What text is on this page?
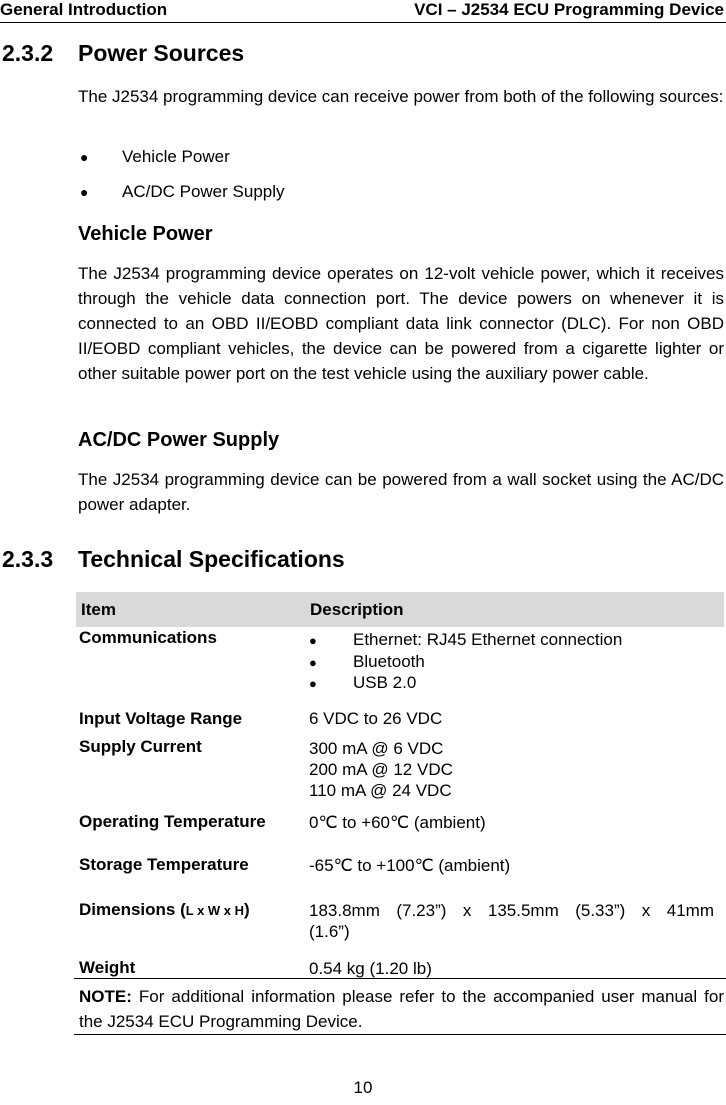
General Introduction	VCI – J2534 ECU Programming Device
2.3.2 Power Sources
The J2534 programming device can receive power from both of the following sources:
● Vehicle Power
● AC/DC Power Supply
Vehicle Power
The J2534 programming device operates on 12-volt vehicle power, which it receives through the vehicle data connection port. The device powers on whenever it is connected to an OBD II/EOBD compliant data link connector (DLC). For non OBD II/EOBD compliant vehicles, the device can be powered from a cigarette lighter or other suitable power port on the test vehicle using the auxiliary power cable.
AC/DC Power Supply
The J2534 programming device can be powered from a wall socket using the AC/DC power adapter.
2.3.3 Technical Specifications
Item	Description
Communications	● Ethernet: RJ45 Ethernet connection
● Bluetooth
● USB 2.0
Input Voltage Range	6 VDC to 26 VDC
Supply Current	300 mA @ 6 VDC
200 mA @ 12 VDC
110 mA @ 24 VDC
Operating Temperature	0℃ to +60℃ (ambient)
Storage Temperature	-65℃ to +100℃ (ambient)
Dimensions (L x W x H)	183.8mm (7.23”) x 135.5mm (5.33”) x 41mm (1.6”)
Weight	0.54 kg (1.20 lb)
NOTE: For additional information please refer to the accompanied user manual for the J2534 ECU Programming Device.
10
